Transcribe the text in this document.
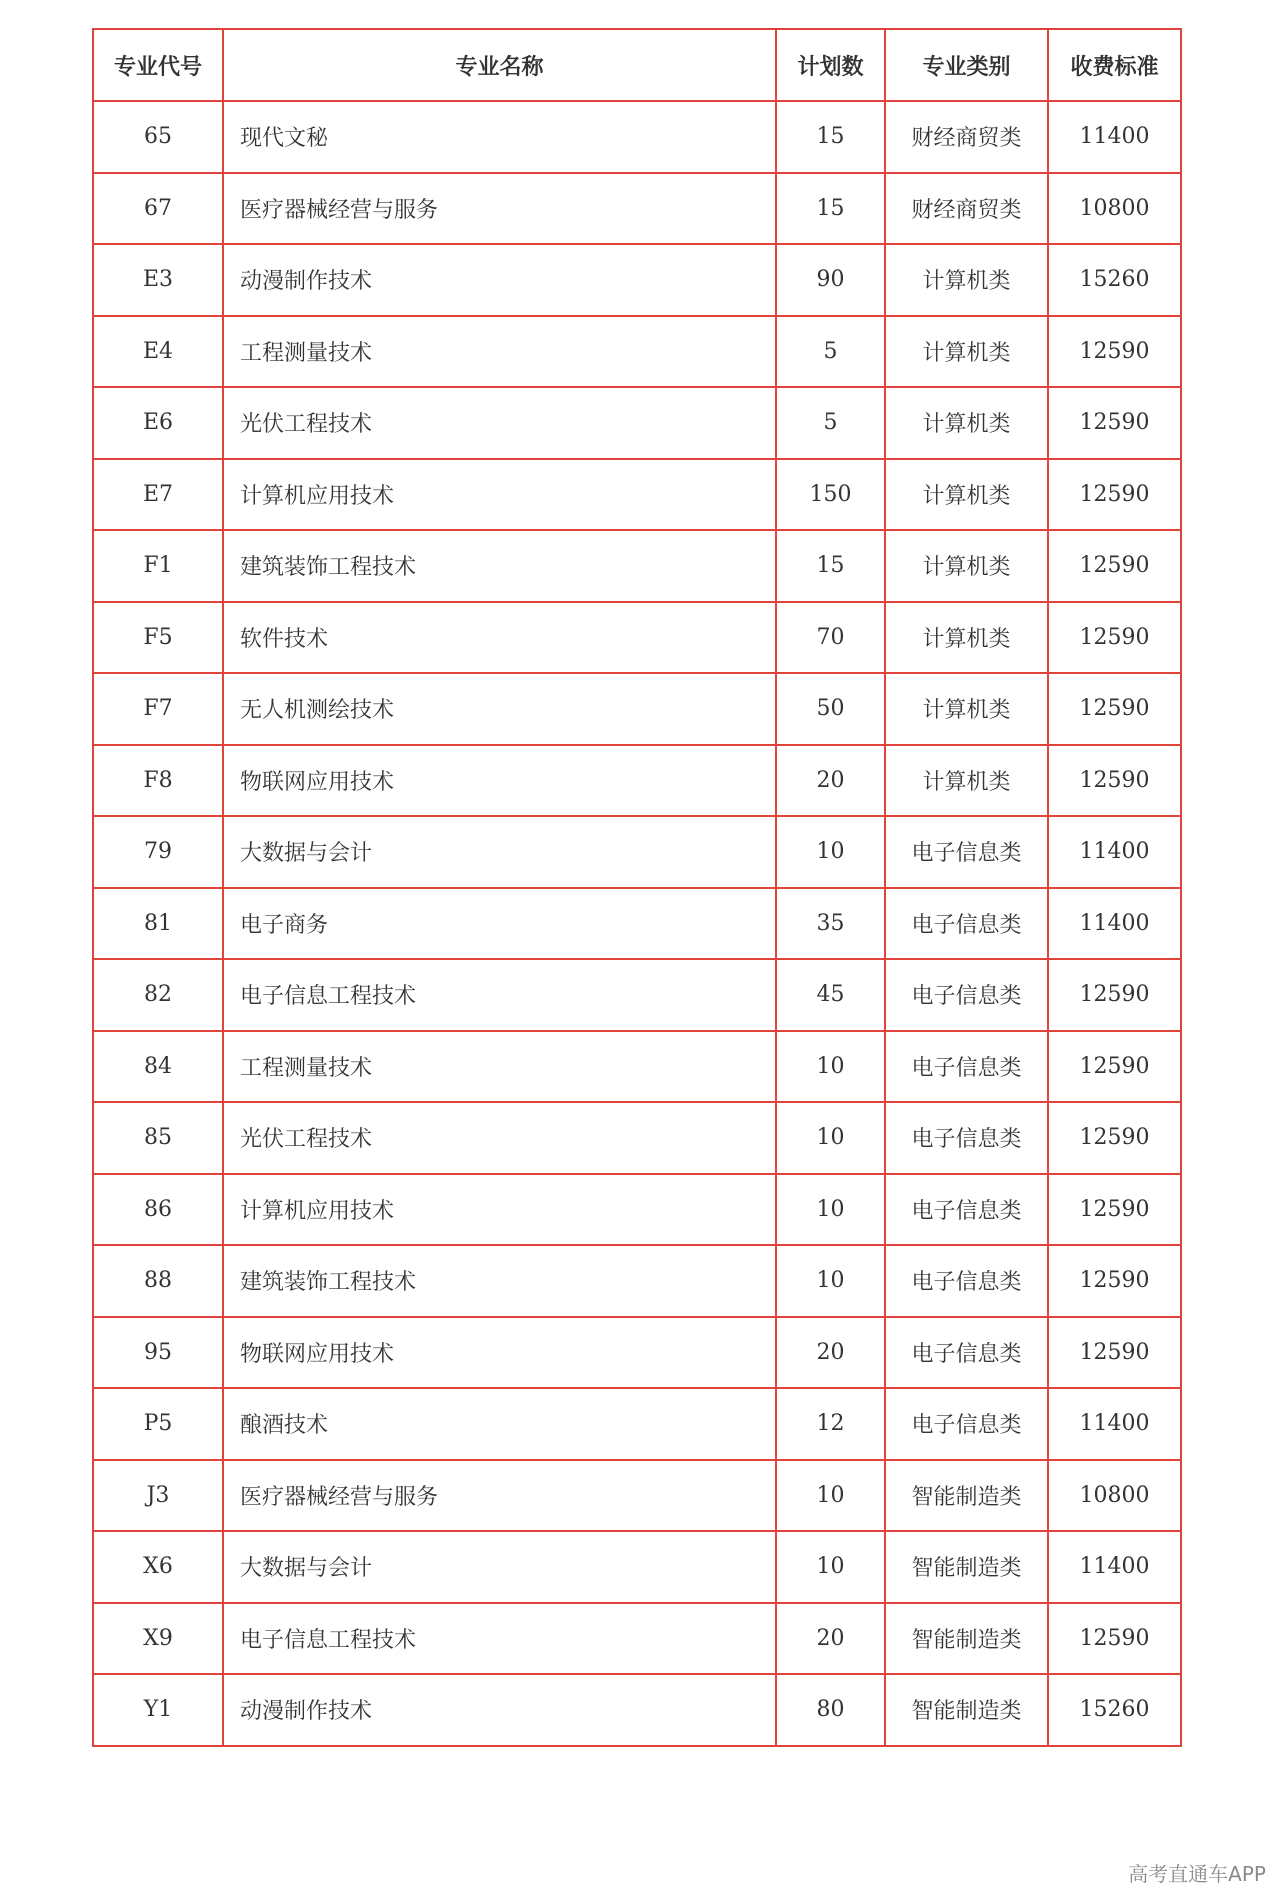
专业代号	专业名称	计划数	专业类别	收费标准
65	现代文秘	15	财经商贸类	11400
67	医疗器械经营与服务	15	财经商贸类	10800
E3	动漫制作技术	90	计算机类	15260
E4	工程测量技术	5	计算机类	12590
E6	光伏工程技术	5	计算机类	12590
E7	计算机应用技术	150	计算机类	12590
F1	建筑装饰工程技术	15	计算机类	12590
F5	软件技术	70	计算机类	12590
F7	无人机测绘技术	50	计算机类	12590
F8	物联网应用技术	20	计算机类	12590
79	大数据与会计	10	电子信息类	11400
81	电子商务	35	电子信息类	11400
82	电子信息工程技术	45	电子信息类	12590
84	工程测量技术	10	电子信息类	12590
85	光伏工程技术	10	电子信息类	12590
86	计算机应用技术	10	电子信息类	12590
88	建筑装饰工程技术	10	电子信息类	12590
95	物联网应用技术	20	电子信息类	12590
P5	酿酒技术	12	电子信息类	11400
J3	医疗器械经营与服务	10	智能制造类	10800
X6	大数据与会计	10	智能制造类	11400
X9	电子信息工程技术	20	智能制造类	12590
Y1	动漫制作技术	80	智能制造类	15260
高考直通车APP
